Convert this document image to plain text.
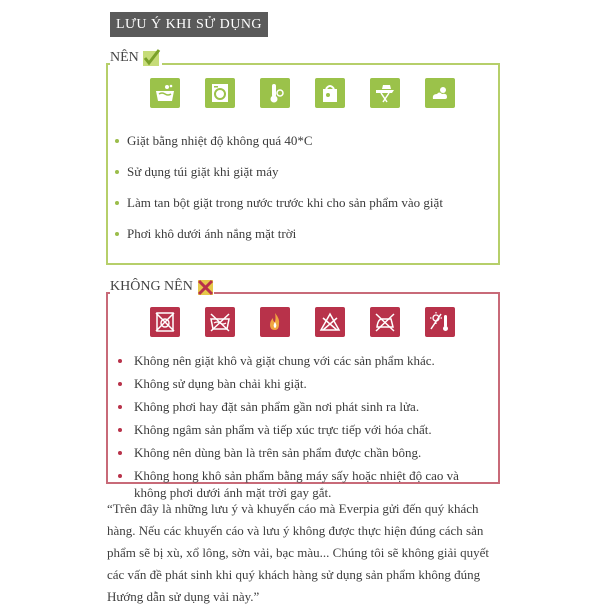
LƯU Ý KHI SỬ DỤNG
NÊN
Giặt bằng nhiệt độ không quá 40*C
Sử dụng túi giặt khi giặt máy
Làm tan bột giặt trong nước trước khi cho sản phẩm vào giặt
Phơi khô dưới ánh nắng mặt trời
KHÔNG NÊN
Không nên giặt khô và giặt chung với các sản phẩm khác.
Không sử dụng bàn chải khi giặt.
Không phơi hay đặt sản phẩm gần nơi phát sinh ra lửa.
Không ngâm sản phẩm và tiếp xúc trực tiếp với hóa chất.
Không nên dùng bàn là trên sản phẩm được chần bông.
Không hong khô sản phẩm bằng máy sấy hoặc nhiệt độ cao và không phơi dưới ánh mặt trời gay gắt.
“Trên đây là những lưu ý và khuyến cáo mà Everpia gửi đến quý khách hàng. Nếu các khuyến cáo và lưu ý không được thực hiện đúng cách sản phẩm sẽ bị xù, xổ lông, sờn vải, bạc màu... Chúng tôi sẽ không giải quyết các vấn đề phát sinh khi quý khách hàng sử dụng sản phẩm không đúng Hướng dẫn sử dụng vải này.”
